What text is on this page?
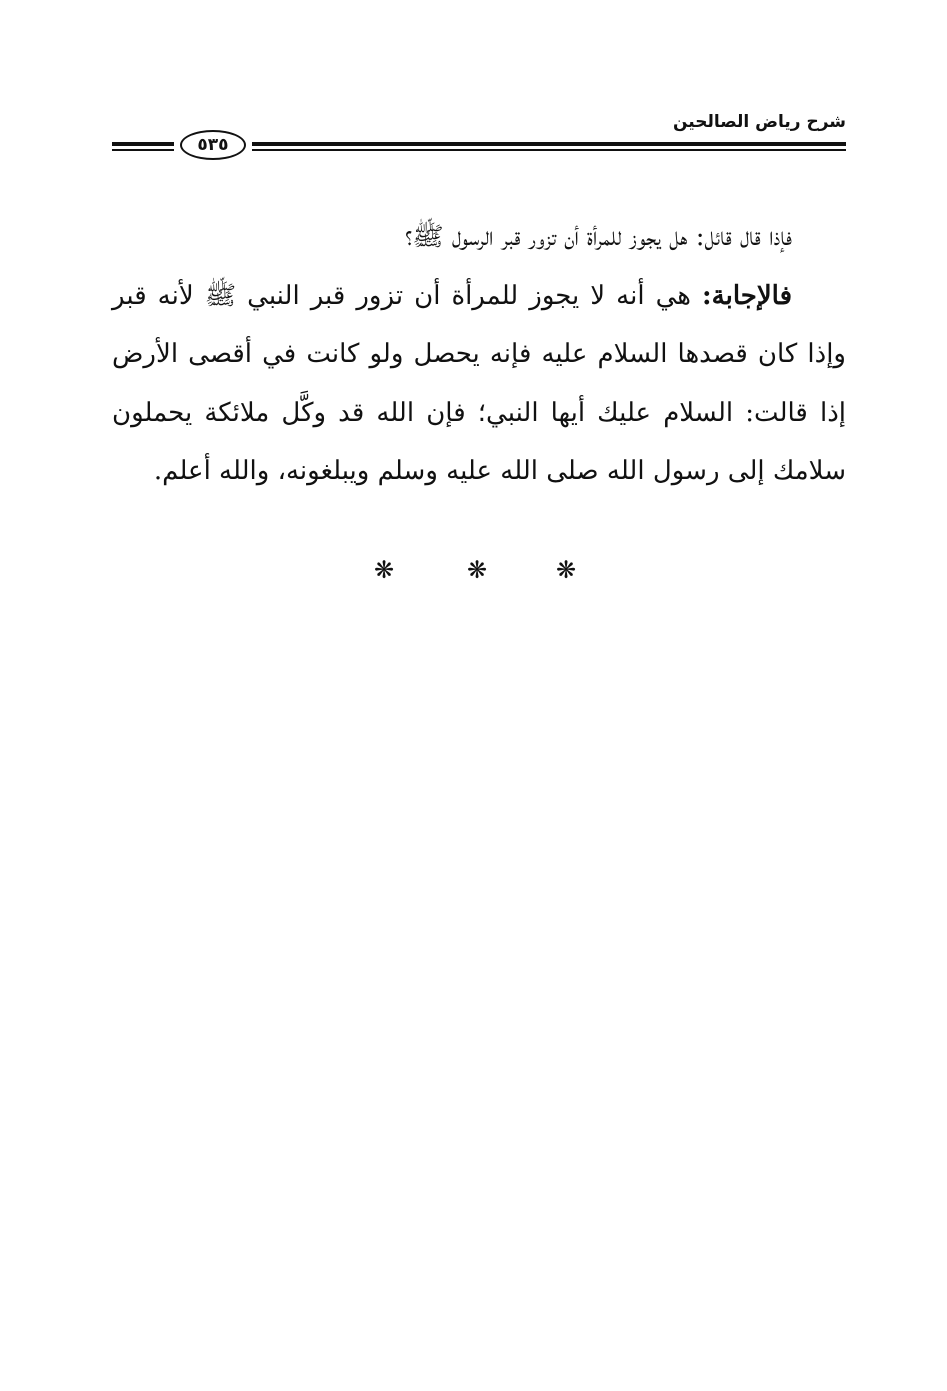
شرح رياض الصالحين
٥٣٥

فإذا قال قائل: هل يجوز للمرأة أن تزور قبر الرسول ﷺ؟

فالإجابة: هي أنه لا يجوز للمرأة أن تزور قبر النبي ﷺ لأنه قبر وإذا كان قصدها السلام عليه فإنه يحصل ولو كانت في أقصى الأرض إذا قالت: السلام عليك أيها النبي؛ فإن الله قد وكَّل ملائكة يحملون سلامك إلى رسول الله صلى الله عليه وسلم ويبلغونه، والله أعلم.

❋
❋
❋
